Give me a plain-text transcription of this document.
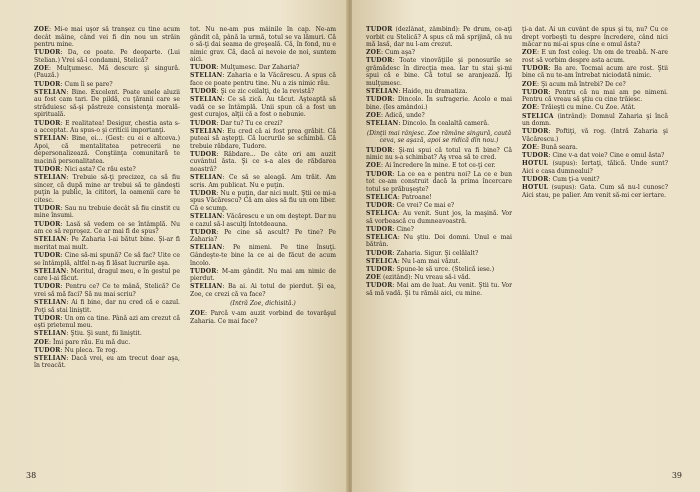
ZOE: Mi-e mai uşor să tranşez cu tine acum decât mâine, când vei fi din nou un străin pentru mine.

TUDOR: Da, ce poate. Pe deoparte. (Lui Stelian.) Vrei să-l condamni, Stelică?

ZOE: Mulţumesc. Mă descurc şi singură. (Pauză.)

TUDOR: Cum îi se pare?

STELIAN: Bine. Excelent. Poate unele aluzii au fost cam tari. De pildă, cu ţăranii care se străduiesc să-şi păstreze consistenţa morală-spirituală.

TUDOR: E realitatea! Desigur, chestia asta s-a acceptat. Au spus-o şi criticii importanţi.

STELIAN: Bine, ei... (Gest: cu ei e altceva.) Apoi, că mentalitatea petrecerii ne depersonalizează. Conştiinţa comunitară te macină personalitatea.

TUDOR: Nici asta? Ce rău este?

STELIAN: Trebuie să-ţi precizez, ca să fiu sincer, că după mine ar trebui să te gândeşti puţin la public, la cititori, la oamenii care te citesc.

TUDOR: Sau nu trebuie decât să fiu cinstit cu mine însumi.

TUDOR: Lasă să vedem ce se întâmplă. Nu am ce să reproşez. Ce ar mai fi de spus?

STELIAN: Pe Zaharia l-ai bătut bine. Şi-ar fi meritat mai mult.

TUDOR: Cine să-mi spună? Ce să fac? Uite ce se întâmplă, altfel n-aş fi lăsat lucrurile aşa.

STELIAN: Meritul, dragul meu, e în gestul pe care l-ai făcut.

TUDOR: Pentru ce? Ce te mână, Stelică? Ce vrei să mă faci? Să nu mai scriu?

STELIAN: Ai fi bine, dar nu cred că e cazul. Poţi să stai liniştit.

TUDOR: Un om ca tine. Până azi am crezut că eşti prietenul meu.

STELIAN: Ştiu. Şi sunt, fii liniştit.

ZOE: Îmi pare rău. Eu mă duc.

TUDOR: Nu pleca. Te rog.

STELIAN: Dacă vrei, eu am trecut doar aşa, în treacăt.

tot. Nu ne-am pus mâinile în cap. Ne-am gândit că, până la urmă, totul se va lămuri. Că o să-ţi dai seama de greşeală. Că, în fond, nu e nimic grav. Că, dacă ai nevoie de noi, suntem aici.

TUDOR: Mulţumesc. Dar Zaharia?

STELIAN: Zaharia e la Văcărescu. A spus că face ce poate pentru tine. Nu a zis nimic rău.

TUDOR: Şi ce zic ceilalţi, de la revistă?

STELIAN: Ce să zică. Au tăcut. Aşteaptă să vadă ce se întâmplă. Unii spun că a fost un gest curajos, alţii că a fost o nebunie.

TUDOR: Dar tu? Tu ce crezi?

STELIAN: Eu cred că ai fost prea grăbit. Că puteai să aştepţi. Că lucrurile se schimbă. Că trebuie răbdare, Tudore.

TUDOR: Răbdare... De câte ori am auzit cuvântul ăsta. Şi ce s-a ales de răbdarea noastră?

STELIAN: Ce să se aleagă. Am trăit. Am scris. Am publicat. Nu e puţin.

TUDOR: Nu e puţin, dar nici mult. Ştii ce mi-a spus Văcărescu? Că am ales să fiu un om liber. Că e scump.

STELIAN: Văcărescu e un om deştept. Dar nu e cazul să-l asculţi întotdeauna.

TUDOR: Pe cine să ascult? Pe tine? Pe Zaharia?

STELIAN: Pe nimeni. Pe tine însuţi. Gândeşte-te bine la ce ai de făcut de acum încolo.

TUDOR: M-am gândit. Nu mai am nimic de pierdut.

STELIAN: Ba ai. Ai totul de pierdut. Şi ea, Zoe, ce crezi că va face?

(Intră Zoe, dichisită.)

ZOE: Parcă v-am auzit vorbind de tovarăşul Zaharia. Ce mai face?

38

TUDOR (dezlânat, zâmbind): Pe drum, ce-aţi vorbit cu Stelică? A spus că mă sprijină, că nu mă lasă, dar nu l-am crezut.

ZOE: Cum aşa?

TUDOR: Toate vinovăţiile şi ponosurile se grămădesc în direcţia mea. Iar tu stai şi-mi spui că e bine. Că totul se aranjează. Îţi mulţumesc.

STELIAN: Haide, nu dramatiza.

TUDOR: Dincolo. În sufragerie. Acolo e mai bine. (Ies amândoi.)

ZOE: Adică, unde?

STELIAN: Dincolo. În cealaltă cameră.

(Dinţii mai rânjesc. Zoe rămâne singură, caută ceva, se aşază, apoi se ridică din nou.)

TUDOR: Şi-mi spui că totul va fi bine? Că nimic nu s-a schimbat? Aş vrea să te cred.

ZOE: Ai încredere în mine. E tot ce-ţi cer.

TUDOR: La ce ea e pentru noi? La ce e bun tot ce-am construit dacă la prima încercare totul se prăbuşeşte?

STELICA: Patroane!

TUDOR: Ce vrei? Ce mai e?

STELICA: Au venit. Sunt jos, la maşină. Vor să vorbească cu dumneavoastră.

TUDOR: Cine?

STELICA: Nu ştiu. Doi domni. Unul e mai bătrân.

TUDOR: Zaharia. Sigur. Şi celălalt?

STELICA: Nu l-am mai văzut.

TUDOR: Spune-le să urce. (Stelică iese.)

ZOE (ezitând): Nu vreau să-i văd.

TUDOR: Mai am de luat. Au venit. Ştii tu. Vor să mă vadă. Şi tu rămâi aici, cu mine.

ţi-a dat. Ai un cuvânt de spus şi tu, nu? Cu ce drept vorbeşti tu despre încredere, când nici măcar nu mi-ai spus cine e omul ăsta?

ZOE: E un fost coleg. Un om de treabă. N-are rost să vorbim despre asta acum.

TUDOR: Ba are. Tocmai acum are rost. Ştii bine că nu te-am întrebat niciodată nimic.

ZOE: Şi acum mă întrebi? De ce?

TUDOR: Pentru că nu mai am pe nimeni. Pentru că vreau să ştiu cu cine trăiesc.

ZOE: Trăieşti cu mine. Cu Zoe. Atât.

STELICA (intrând): Domnul Zaharia şi încă un domn.

TUDOR: Poftiţi, vă rog. (Intră Zaharia şi Văcărescu.)

ZOE: Bună seara.

TUDOR: Cine v-a dat voie? Cine e omul ăsta?

HOTUL (supus): Iertaţi, tălică. Unde sunt? Aici e casa dumnealui?

TUDOR: Cum ţi-a venit?

HOTUL (supus): Gata. Cum să nu-l cunosc? Aici stau, pe palier. Am venit să-mi cer iertare.

39
